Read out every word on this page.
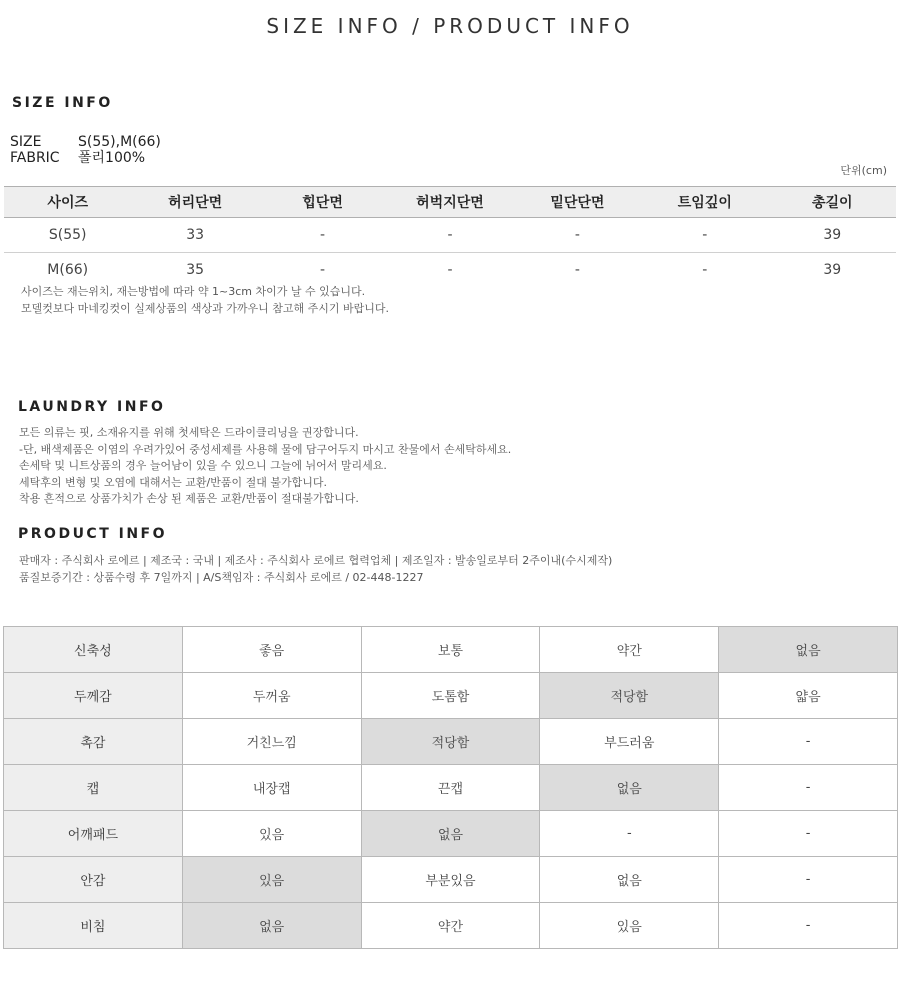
SIZE INFO / PRODUCT INFO
SIZE INFO
SIZE	S(55),M(66)
FABRIC 폴리100%
단위(cm)
사이즈	허리단면	힙단면	허벅지단면	밑단단면	트임깊이	총길이
S(55)	33	-	-	-	-	39
M(66)	35	-	-	-	-	39
사이즈는 재는위치, 재는방법에 따라 약 1~3cm 차이가 날 수 있습니다.
모델컷보다 마네킹컷이 실제상품의 색상과 가까우니 참고해 주시기 바랍니다.
LAUNDRY INFO
모든 의류는 핏, 소재유지를 위해 첫세탁은 드라이클리닝을 권장합니다.
-단, 배색제품은 이염의 우려가있어 중성세제를 사용해 물에 담구어두지 마시고 찬물에서 손세탁하세요.
손세탁 및 니트상품의 경우 늘어남이 있을 수 있으니 그늘에 뉘어서 말리세요.
세탁후의 변형 및 오염에 대해서는 교환/반품이 절대 불가합니다.
착용 흔적으로 상품가치가 손상 된 제품은 교환/반품이 절대불가합니다.
PRODUCT INFO
판매자 : 주식회사 로에르 | 제조국 : 국내 | 제조사 : 주식회사 로에르 협력업체 | 제조일자 : 발송일로부터 2주이내(수시제작)
품질보증기간 : 상품수령 후 7일까지 | A/S책임자 : 주식회사 로에르 / 02-448-1227
신축성	좋음	보통	약간	없음
두께감	두꺼움	도톰함	적당함	얇음
촉감	거친느낌	적당함	부드러움	-
캡	내장캡	끈캡	없음	-
어깨패드	있음	없음	-	-
안감	있음	부분있음	없음	-
비침	없음	약간	있음	-
